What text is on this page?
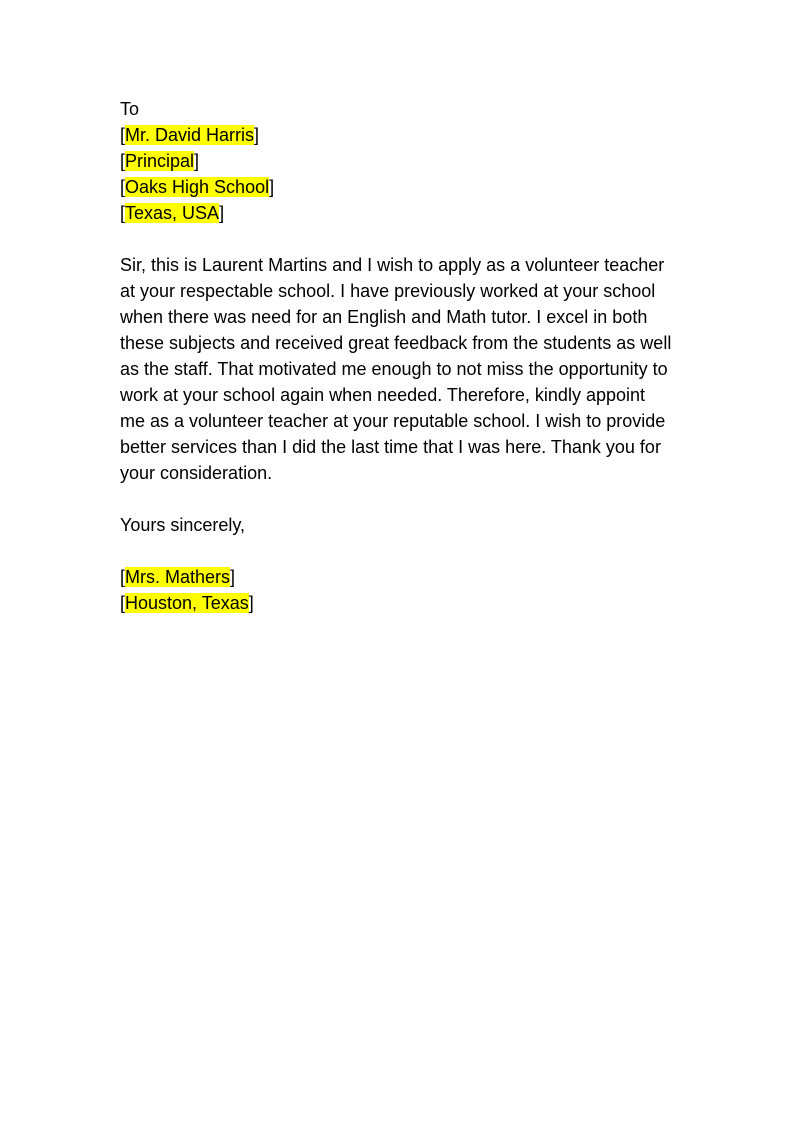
To
[Mr. David Harris]
[Principal]
[Oaks High School]
[Texas, USA]
Sir, this is Laurent Martins and I wish to apply as a volunteer teacher at your respectable school. I have previously worked at your school when there was need for an English and Math tutor. I excel in both these subjects and received great feedback from the students as well as the staff. That motivated me enough to not miss the opportunity to work at your school again when needed. Therefore, kindly appoint me as a volunteer teacher at your reputable school. I wish to provide better services than I did the last time that I was here. Thank you for your consideration.
Yours sincerely,
[Mrs. Mathers]
[Houston, Texas]
